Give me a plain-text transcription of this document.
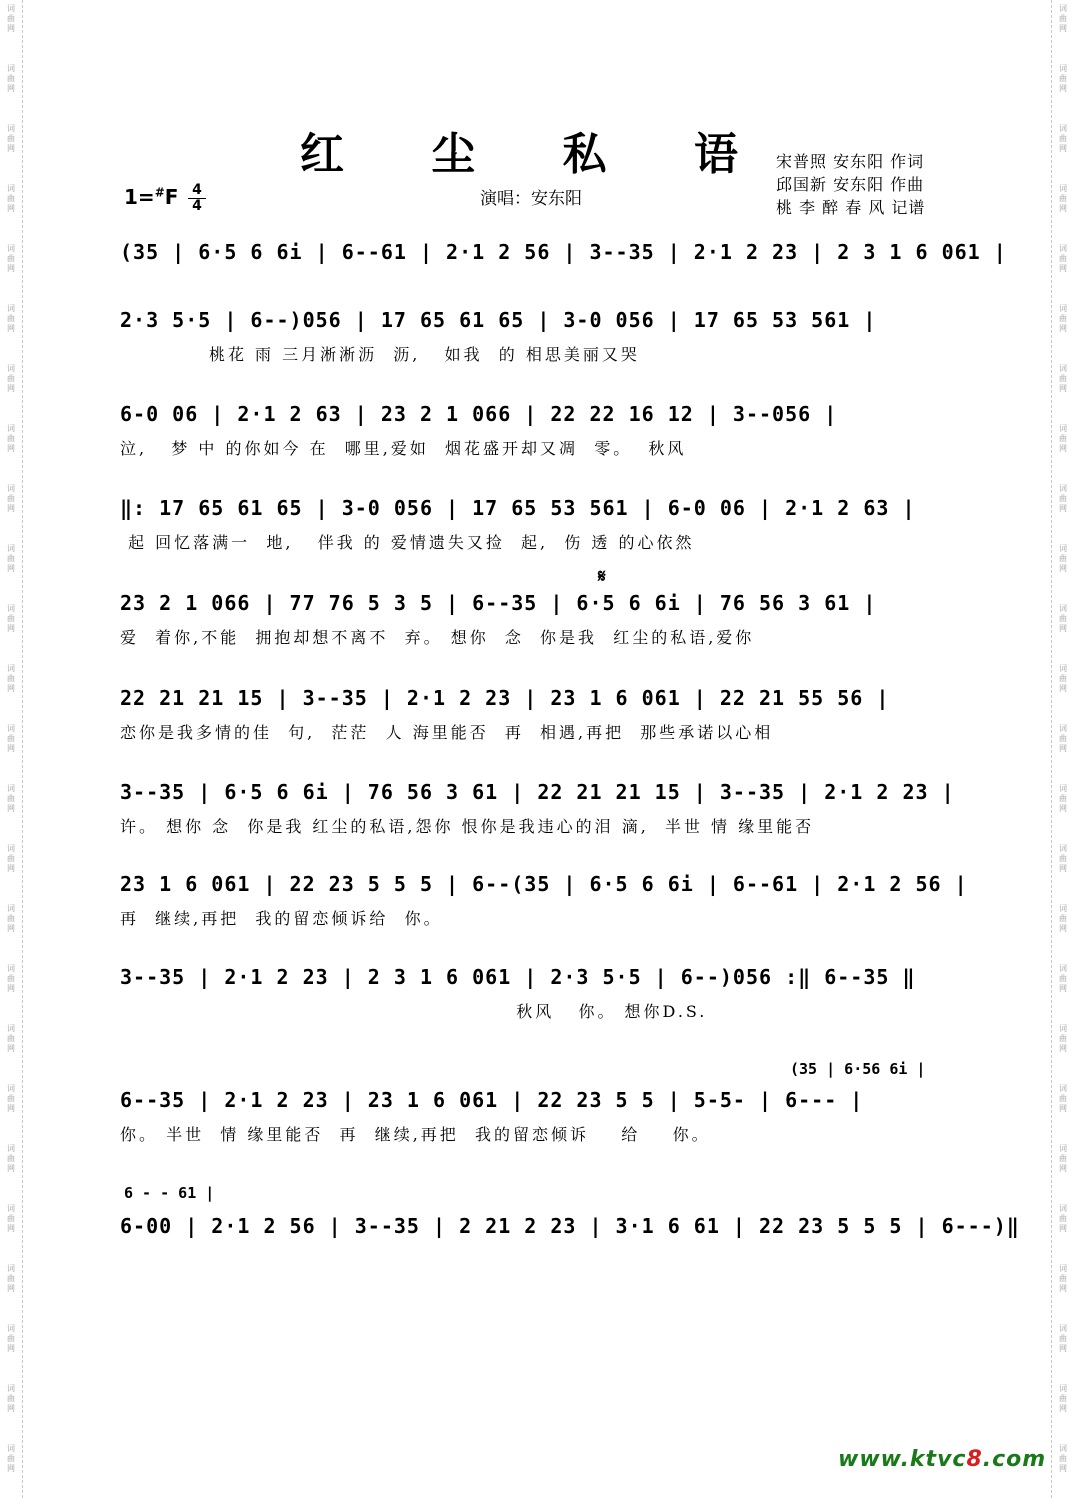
词
曲
网
词
曲
网
词
曲
网
词
曲
网
词
曲
网
词
曲
网
词
曲
网
词
曲
网
词
曲
网
词
曲
网
词
曲
网
词
曲
网
词
曲
网
词
曲
网
词
曲
网
词
曲
网
词
曲
网
词
曲
网
词
曲
网
词
曲
网
词
曲
网
词
曲
网
词
曲
网
词
曲
网
词
曲
网
词
曲
网
词
曲
网
词
曲
网
词
曲
网
词
曲
网
词
曲
网
词
曲
网
词
曲
网
词
曲
网
词
曲
网
词
曲
网
词
曲
网
词
曲
网
词
曲
网
词
曲
网
词
曲
网
词
曲
网
词
曲
网
词
曲
网
词
曲
网
词
曲
网
词
曲
网
词
曲
网
词
曲
网
词
曲
网
红 尘 私 语 宋普照 安东阳 作词
邱国新 安东阳 作曲
桃 李 醉 春 风 记谱
演唱：安东阳
1=#F 4
4
(35 | 6·5 6 6i | 6--61 | 2·1 2 56 | 3--35 | 2·1 2 23 | 2 3 1 6 061 |
2·3 5·5 | 6--)056 | 17 65 61 65 | 3-0 056 | 17 65 53 561 |
桃花 雨 三月淅淅沥  沥,   如我  的 相思美丽又哭
6-0 06 | 2·1 2 63 | 23 2 1 066 | 22 22 16 12 | 3--056 |
泣,   梦 中 的你如今 在  哪里,爱如  烟花盛开却又凋  零。  秋风
‖: 17 65 61 65 | 3-0 056 | 17 65 53 561 | 6-0 06 | 2·1 2 63 |
起 回忆落满一  地,   伴我 的 爱情遗失又捡  起,  伤 透 的心依然
𝄋
23 2 1 066 | 77 76 5 3 5 | 6--35 | 6·5 6 6i | 76 56 3 61 |
爱  着你,不能  拥抱却想不离不  弃。 想你  念  你是我  红尘的私语,爱你
22 21 21 15 | 3--35 | 2·1 2 23 | 23 1 6 061 | 22 21 55 56 |
恋你是我多情的佳  句,  茫茫  人 海里能否  再  相遇,再把  那些承诺以心相
3--35 | 6·5 6 6i | 76 56 3 61 | 22 21 21 15 | 3--35 | 2·1 2 23 |
许。 想你 念  你是我 红尘的私语,怨你 恨你是我违心的泪 滴,  半世 情 缘里能否
23 1 6 061 | 22 23 5 5 5 | 6--(35 | 6·5 6 6i | 6--61 | 2·1 2 56 |
再  继续,再把  我的留恋倾诉给  你。
3--35 | 2·1 2 23 | 2 3 1 6 061 | 2·3 5·5 | 6--)056 :‖ 6--35 ‖
秋风   你。 想你D.S.
(35 | 6·56 6i |
6--35 | 2·1 2 23 | 23 1 6 061 | 22 23 5 5 | 5-5- | 6--- |
你。 半世  情 缘里能否  再  继续,再把  我的留恋倾诉    给    你。
6 - - 61 |
6-00 | 2·1 2 56 | 3--35 | 2 21 2 23 | 3·1 6 61 | 22 23 5 5 5 | 6---)‖
www.ktvc8.com
